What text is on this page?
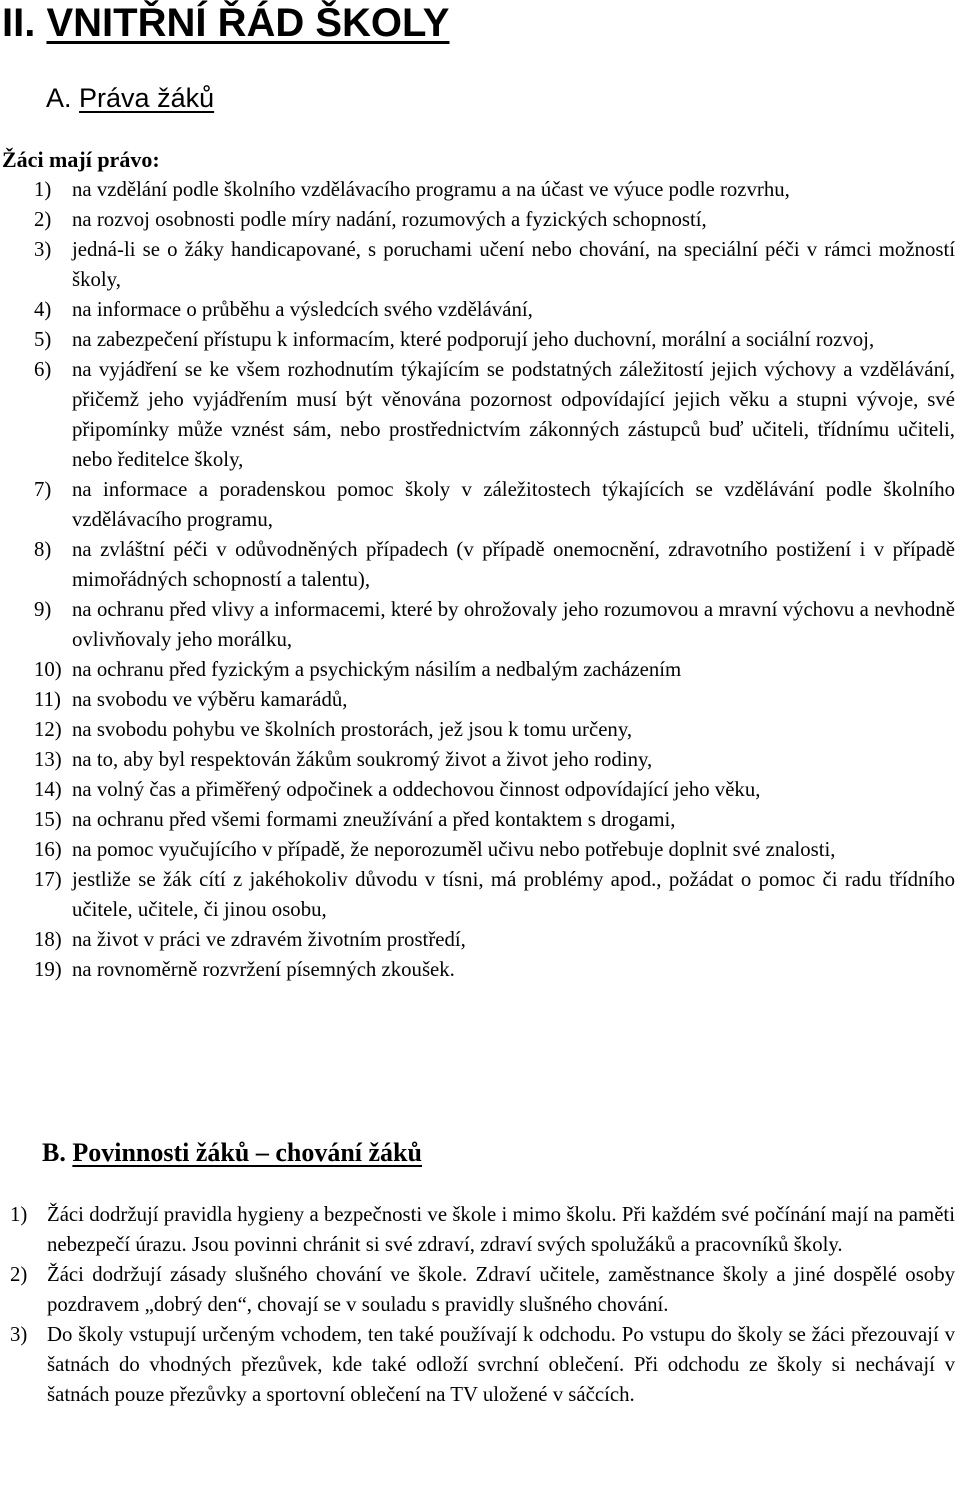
II. VNITŘNÍ ŘÁD ŠKOLY
A. Práva žáků

Žáci mají právo:

1) na vzdělání podle školního vzdělávacího programu a na účast ve výuce podle rozvrhu,
2) na rozvoj osobnosti podle míry nadání, rozumových a fyzických schopností,
3) jedná-li se o žáky handicapované, s poruchami učení nebo chování, na speciální péči v rámci možností školy,
4) na informace o průběhu a výsledcích svého vzdělávání,
5) na zabezpečení přístupu k informacím, které podporují jeho duchovní, morální a sociální rozvoj,
6) na vyjádření se ke všem rozhodnutím týkajícím se podstatných záležitostí jejich výchovy a vzdělávání, přičemž jeho vyjádřením musí být věnována pozornost odpovídající jejich věku a stupni vývoje, své připomínky může vznést sám, nebo prostřednictvím zákonných zástupců buď učiteli, třídnímu učiteli, nebo ředitelce školy,
7) na informace a poradenskou pomoc školy v záležitostech týkajících se vzdělávání podle školního vzdělávacího programu,
8) na zvláštní péči v odůvodněných případech (v případě onemocnění, zdravotního postižení i v případě mimořádných schopností a talentu),
9) na ochranu před vlivy a informacemi, které by ohrožovaly jeho rozumovou a mravní výchovu a nevhodně ovlivňovaly jeho morálku,
10) na ochranu před fyzickým a psychickým násilím a nedbalým zacházením
11) na svobodu ve výběru kamarádů,
12) na svobodu pohybu ve školních prostorách, jež jsou k tomu určeny,
13) na to, aby byl respektován žákům soukromý život a život jeho rodiny,
14) na volný čas a přiměřený odpočinek a oddechovou činnost odpovídající jeho věku,
15) na ochranu před všemi formami zneužívání a před kontaktem s drogami,
16) na pomoc vyučujícího v případě, že neporozuměl učivu nebo potřebuje doplnit své znalosti,
17) jestliže se žák cítí z jakéhokoliv důvodu v tísni, má problémy apod., požádat o pomoc či radu třídního učitele, učitele, či jinou osobu,
18) na život v práci ve zdravém životním prostředí,
19) na rovnoměrně rozvržení písemných zkoušek.
B. Povinnosti žáků – chování žáků
1) Žáci dodržují pravidla hygieny a bezpečnosti ve škole i mimo školu. Při každém své počínání mají na paměti nebezpečí úrazu. Jsou povinni chránit si své zdraví, zdraví svých spolužáků a pracovníků školy.
2) Žáci dodržují zásady slušného chování ve škole. Zdraví učitele, zaměstnance školy a jiné dospělé osoby pozdravem „dobrý den“, chovají se v souladu s pravidly slušného chování.
3) Do školy vstupují určeným vchodem, ten také používají k odchodu. Po vstupu do školy se žáci přezouvají v šatnách do vhodných přezůvek, kde také odloží svrchní oblečení. Při odchodu ze školy si nechávají v šatnách pouze přezůvky a sportovní oblečení na TV uložené v sáčcích.
